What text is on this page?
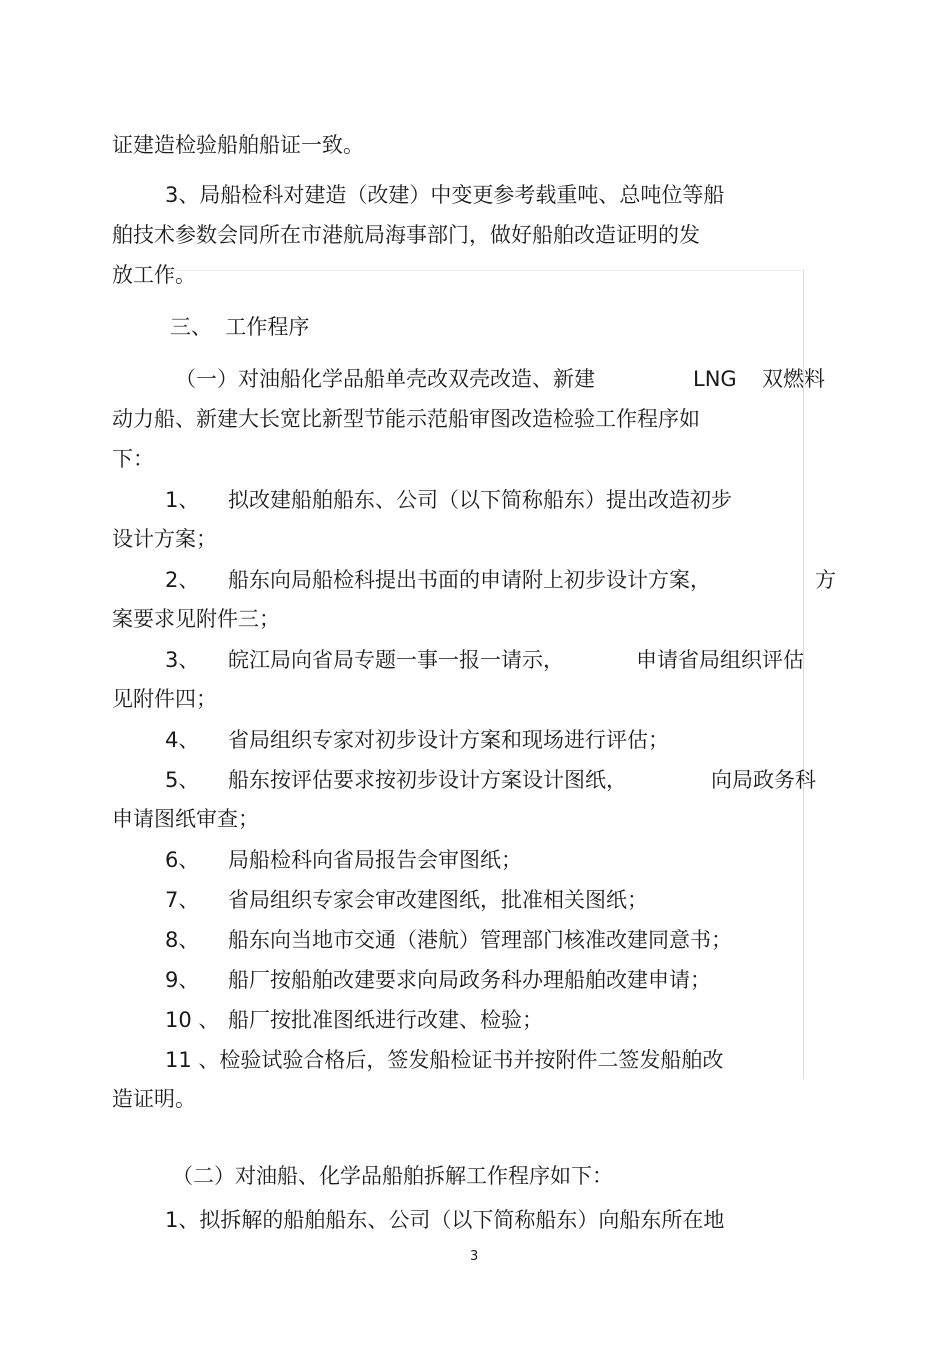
证建造检验船舶船证一致。
3、局船检科对建造（改建）中变更参考载重吨、总吨位等船
舶技术参数会同所在市港航局海事部门，做好船舶改造证明的发
放工作。
三、  工作程序
（一）对油船化学品船单壳改双壳改造、新建	LNG 双燃料
动力船、新建大长宽比新型节能示范船审图改造检验工作程序如
下：
1、 拟改建船舶船东、公司（以下简称船东）提出改造初步
设计方案；
2、 船东向局船检科提出书面的申请附上初步设计方案，	方
案要求见附件三；
3、 皖江局向省局专题一事一报一请示，	申请省局组织评估
见附件四；
4、 省局组织专家对初步设计方案和现场进行评估；
5、 船东按评估要求按初步设计方案设计图纸，	向局政务科
申请图纸审查；
6、 局船检科向省局报告会审图纸；
7、 省局组织专家会审改建图纸，批准相关图纸；
8、 船东向当地市交通（港航）管理部门核准改建同意书；
9、 船厂按船舶改建要求向局政务科办理船舶改建申请；
10 、 船厂按批准图纸进行改建、检验；
11 、检验试验合格后，签发船检证书并按附件二签发船舶改
造证明。
（二）对油船、化学品船舶拆解工作程序如下：
1、拟拆解的船舶船东、公司（以下简称船东）向船东所在地
3
